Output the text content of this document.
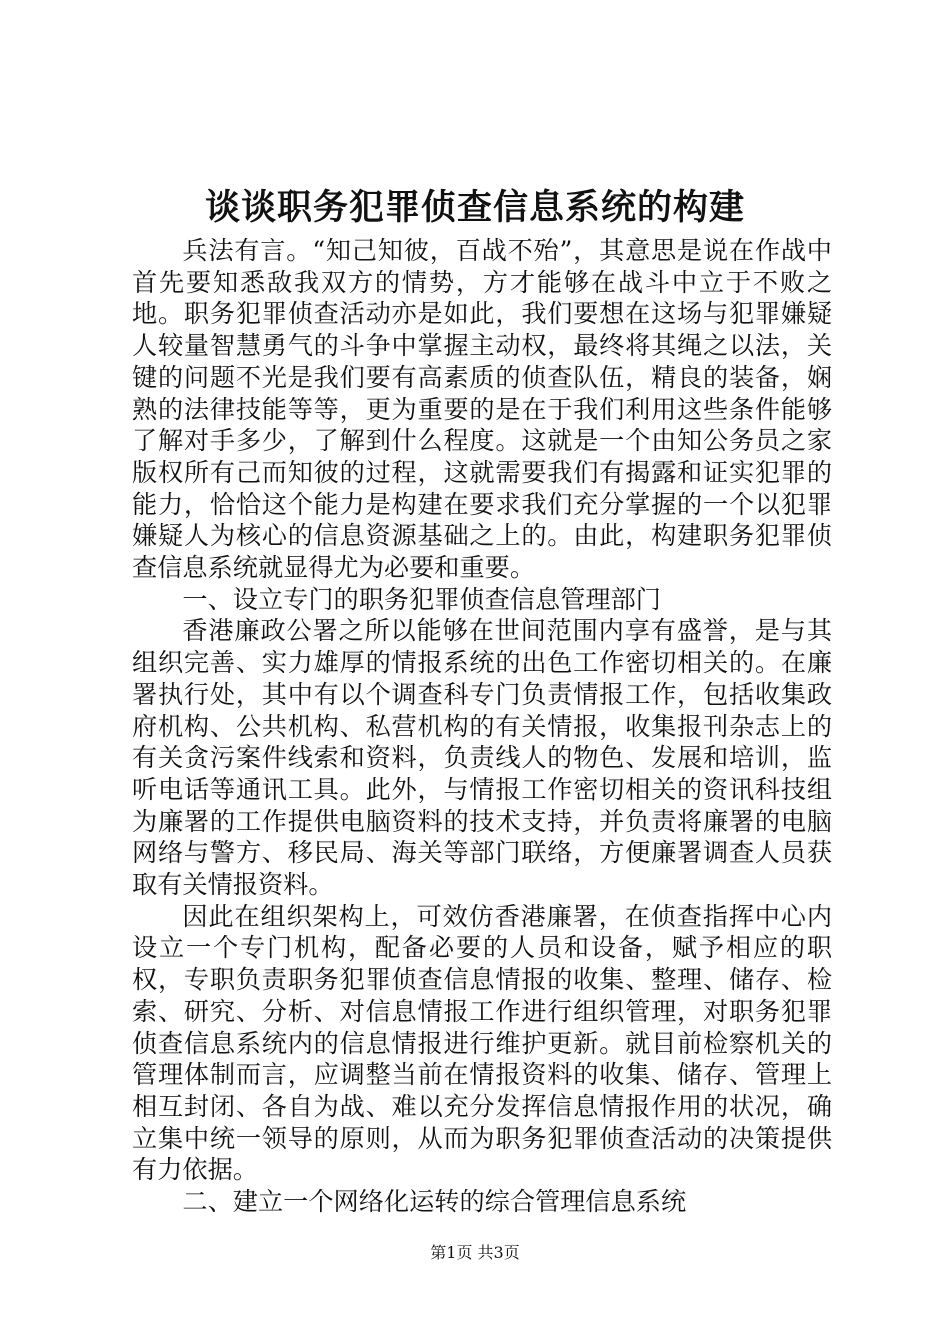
谈谈职务犯罪侦查信息系统的构建

兵法有言。“知己知彼，百战不殆”，其意思是说在作战中首先要知悉敌我双方的情势，方才能够在战斗中立于不败之地。职务犯罪侦查活动亦是如此，我们要想在这场与犯罪嫌疑人较量智慧勇气的斗争中掌握主动权，最终将其绳之以法，关键的问题不光是我们要有高素质的侦查队伍，精良的装备，娴熟的法律技能等等，更为重要的是在于我们利用这些条件能够了解对手多少，了解到什么程度。这就是一个由知公务员之家版权所有己而知彼的过程，这就需要我们有揭露和证实犯罪的能力，恰恰这个能力是构建在要求我们充分掌握的一个以犯罪嫌疑人为核心的信息资源基础之上的。由此，构建职务犯罪侦查信息系统就显得尤为必要和重要。

一、设立专门的职务犯罪侦查信息管理部门

香港廉政公署之所以能够在世间范围内享有盛誉，是与其组织完善、实力雄厚的情报系统的出色工作密切相关的。在廉署执行处，其中有以个调查科专门负责情报工作，包括收集政府机构、公共机构、私营机构的有关情报，收集报刊杂志上的有关贪污案件线索和资料，负责线人的物色、发展和培训，监听电话等通讯工具。此外，与情报工作密切相关的资讯科技组为廉署的工作提供电脑资料的技术支持，并负责将廉署的电脑网络与警方、移民局、海关等部门联络，方便廉署调查人员获取有关情报资料。

因此在组织架构上，可效仿香港廉署，在侦查指挥中心内设立一个专门机构，配备必要的人员和设备，赋予相应的职权，专职负责职务犯罪侦查信息情报的收集、整理、储存、检索、研究、分析、对信息情报工作进行组织管理，对职务犯罪侦查信息系统内的信息情报进行维护更新。就目前检察机关的管理体制而言，应调整当前在情报资料的收集、储存、管理上相互封闭、各自为战、难以充分发挥信息情报作用的状况，确立集中统一领导的原则，从而为职务犯罪侦查活动的决策提供有力依据。

二、建立一个网络化运转的综合管理信息系统

第1页 共3页
